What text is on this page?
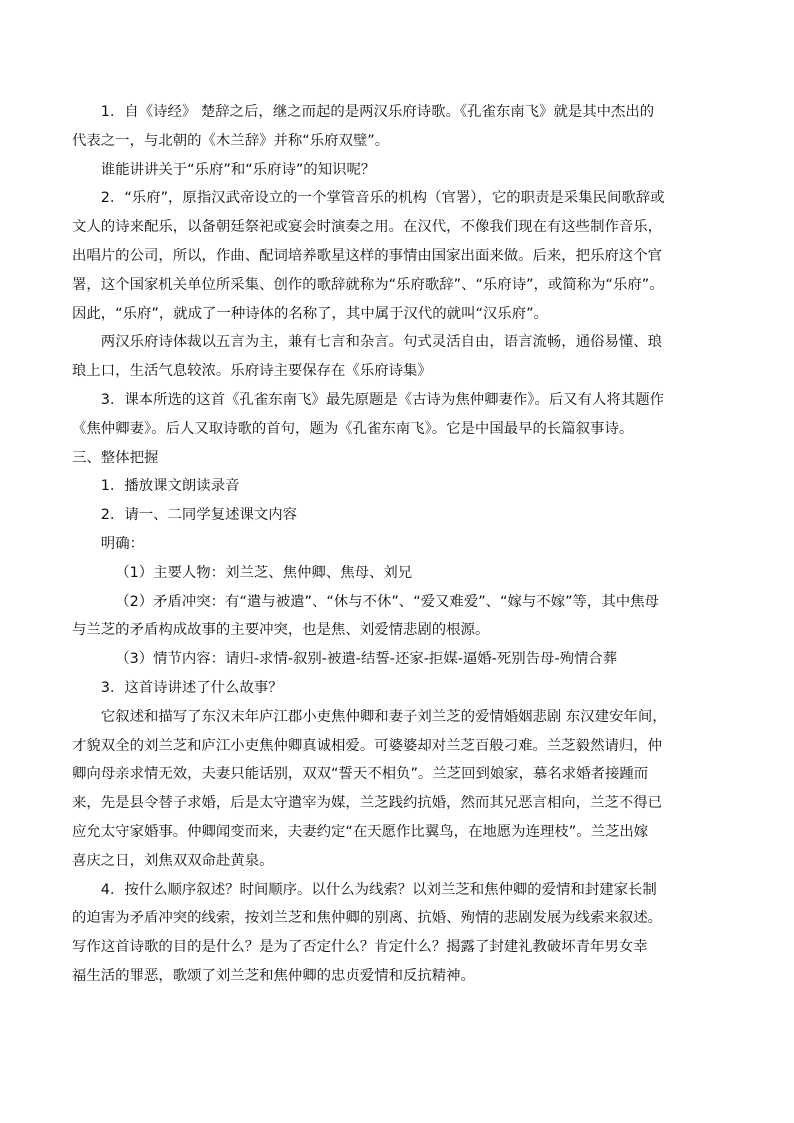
1．自《诗经》 楚辞之后，继之而起的是两汉乐府诗歌。《孔雀东南飞》就是其中杰出的
代表之一，与北朝的《木兰辞》并称“乐府双璧”。
谁能讲讲关于“乐府”和“乐府诗”的知识呢？
2．“乐府”，原指汉武帝设立的一个掌管音乐的机构（官署），它的职责是采集民间歌辞或
文人的诗来配乐，以备朝廷祭祀或宴会时演奏之用。在汉代，不像我们现在有这些制作音乐，
出唱片的公司，所以，作曲、配词培养歌星这样的事情由国家出面来做。后来，把乐府这个官
署，这个国家机关单位所采集、创作的歌辞就称为“乐府歌辞”、“乐府诗”，或简称为“乐府”。
因此，“乐府”，就成了一种诗体的名称了，其中属于汉代的就叫“汉乐府”。
两汉乐府诗体裁以五言为主，兼有七言和杂言。句式灵活自由，语言流畅，通俗易懂、琅
琅上口，生活气息较浓。乐府诗主要保存在《乐府诗集》
3．课本所选的这首《孔雀东南飞》最先原题是《古诗为焦仲卿妻作》。后又有人将其题作
《焦仲卿妻》。后人又取诗歌的首句，题为《孔雀东南飞》。它是中国最早的长篇叙事诗。
三、整体把握
1．播放课文朗读录音
2．请一、二同学复述课文内容
明确：
（1）主要人物：刘兰芝、焦仲卿、焦母、刘兄
（2）矛盾冲突：有“遣与被遣”、“休与不休”、“爱又难爱”、“嫁与不嫁”等，其中焦母
与兰芝的矛盾构成故事的主要冲突，也是焦、刘爱情悲剧的根源。
（3）情节内容：请归-求情-叙别-被遣-结誓-还家-拒媒-逼婚-死别告母-殉情合葬
3．这首诗讲述了什么故事？
它叙述和描写了东汉末年庐江郡小吏焦仲卿和妻子刘兰芝的爱情婚姻悲剧 东汉建安年间，
才貌双全的刘兰芝和庐江小吏焦仲卿真诚相爱。可婆婆却对兰芝百般刁难。兰芝毅然请归，仲
卿向母亲求情无效，夫妻只能话别，双双“誓天不相负”。兰芝回到娘家，慕名求婚者接踵而
来，先是县令替子求婚，后是太守遣宰为媒，兰芝践约抗婚，然而其兄恶言相向，兰芝不得已
应允太守家婚事。仲卿闻变而来，夫妻约定“在天愿作比翼鸟，在地愿为连理枝”。兰芝出嫁
喜庆之日，刘焦双双命赴黄泉。
4．按什么顺序叙述？时间顺序。以什么为线索？以刘兰芝和焦仲卿的爱情和封建家长制
的迫害为矛盾冲突的线索，按刘兰芝和焦仲卿的别离、抗婚、殉情的悲剧发展为线索来叙述。
写作这首诗歌的目的是什么？是为了否定什么？肯定什么？揭露了封建礼教破坏青年男女幸
福生活的罪恶，歌颂了刘兰芝和焦仲卿的忠贞爱情和反抗精神。
